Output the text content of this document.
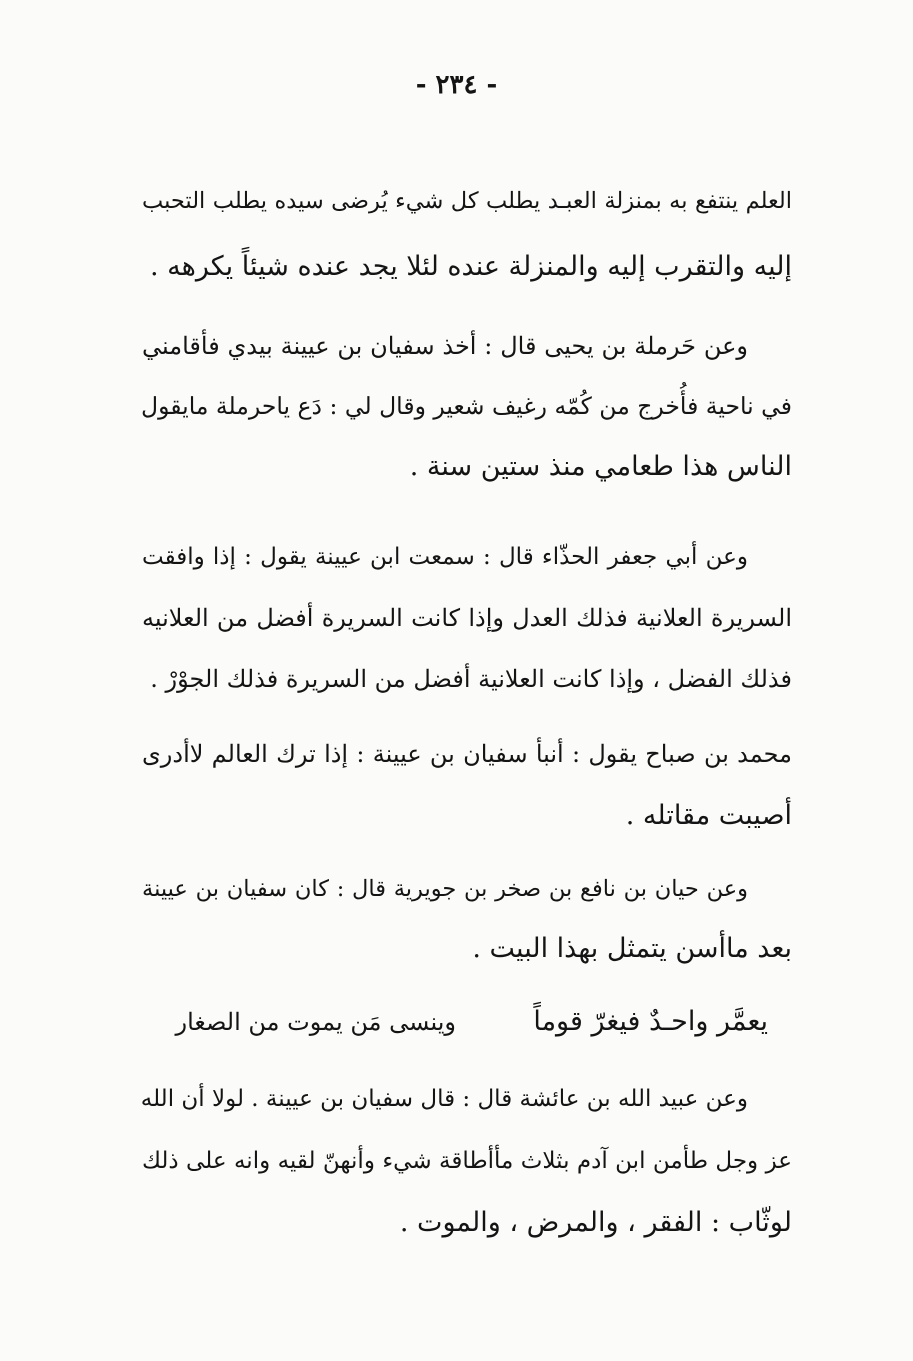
- ٢٣٤ -
العلم ينتفع به بمنزلة العبـد يطلب كل شيء يُرضى سيده يطلب التحبب
إليه والتقرب إليه والمنزلة عنده لئلا يجد عنده شيئاً يكرهه .
وعن حَرملة بن يحيى قال : أخذ سفيان بن عيينة بيدي فأقامني
في ناحية فأُخرج من كُمّه رغيف شعير وقال لي : دَع ياحرملة مايقول
الناس هذا طعامي منذ ستين سنة .
وعن أبي جعفر الحذّاء قال : سمعت ابن عيينة يقول : إذا وافقت
السريرة العلانية فذلك العدل وإذا كانت السريرة أفضل من العلانيه
فذلك الفضل ، وإذا كانت العلانية أفضل من السريرة فذلك الجوْرْ .
محمد بن صباح يقول : أنبأ سفيان بن عيينة : إذا ترك العالم لاأدرى
أصيبت مقاتله .
وعن حيان بن نافع بن صخر بن جويرية قال : كان سفيان بن عيينة
بعد ماأسن يتمثل بهذا البيت .
يعمَّر واحـدٌ فيغرّ قوماً
وينسى مَن يموت من الصغار
وعن عبيد الله بن عائشة قال : قال سفيان بن عيينة . لولا أن الله
عز وجل طأمن ابن آدم بثلاث مأأطاقة شيء وأنهنّ لقيه وانه على ذلك
لوثّاب : الفقر ، والمرض ، والموت .
